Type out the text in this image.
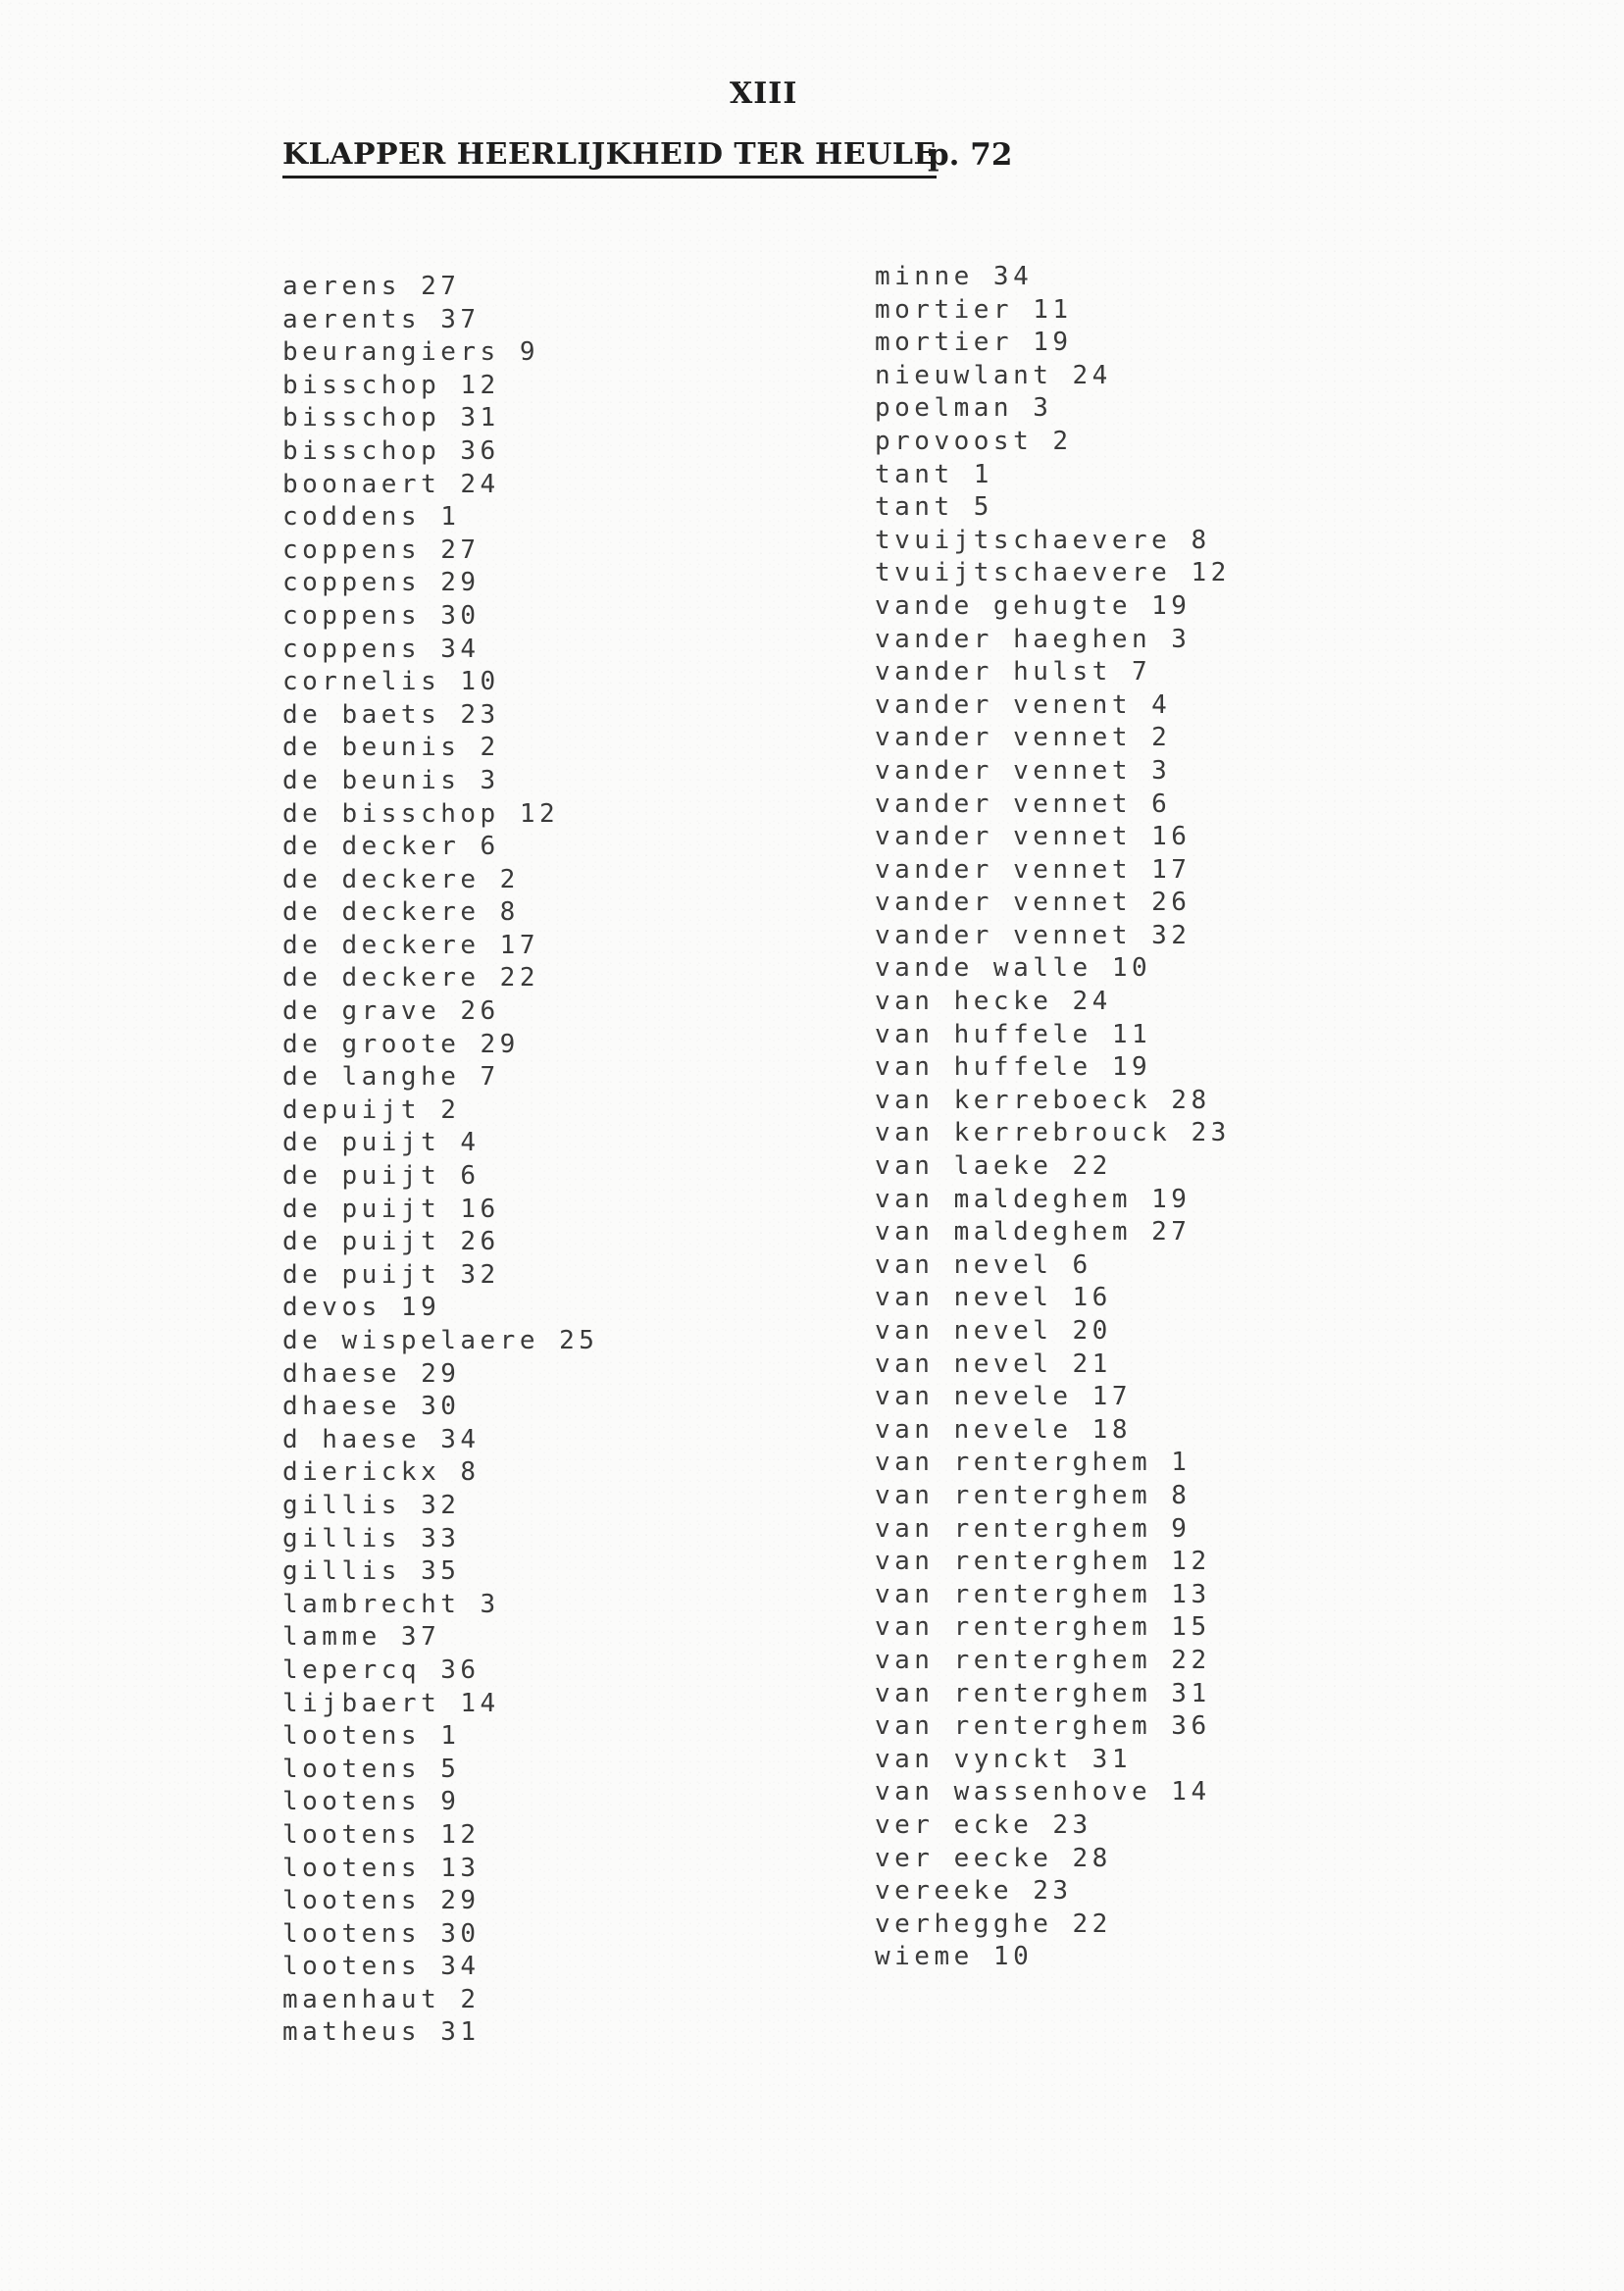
XIII
KLAPPER HEERLIJKHEID TER HEULE
p. 72
aerens 27
aerents 37
beurangiers 9
bisschop 12
bisschop 31
bisschop 36
boonaert 24
coddens 1
coppens 27
coppens 29
coppens 30
coppens 34
cornelis 10
de baets 23
de beunis 2
de beunis 3
de bisschop 12
de decker 6
de deckere 2
de deckere 8
de deckere 17
de deckere 22
de grave 26
de groote 29
de langhe 7
depuijt 2
de puijt 4
de puijt 6
de puijt 16
de puijt 26
de puijt 32
devos 19
de wispelaere 25
dhaese 29
dhaese 30
d haese 34
dierickx 8
gillis 32
gillis 33
gillis 35
lambrecht 3
lamme 37
lepercq 36
lijbaert 14
lootens 1
lootens 5
lootens 9
lootens 12
lootens 13
lootens 29
lootens 30
lootens 34
maenhaut 2
matheus 31
minne 34
mortier 11
mortier 19
nieuwlant 24
poelman 3
provoost 2
tant 1
tant 5
tvuijtschaevere 8
tvuijtschaevere 12
vande gehugte 19
vander haeghen 3
vander hulst 7
vander venent 4
vander vennet 2
vander vennet 3
vander vennet 6
vander vennet 16
vander vennet 17
vander vennet 26
vander vennet 32
vande walle 10
van hecke 24
van huffele 11
van huffele 19
van kerreboeck 28
van kerrebrouck 23
van laeke 22
van maldeghem 19
van maldeghem 27
van nevel 6
van nevel 16
van nevel 20
van nevel 21
van nevele 17
van nevele 18
van renterghem 1
van renterghem 8
van renterghem 9
van renterghem 12
van renterghem 13
van renterghem 15
van renterghem 22
van renterghem 31
van renterghem 36
van vynckt 31
van wassenhove 14
ver ecke 23
ver eecke 28
vereeke 23
verhegghe 22
wieme 10
